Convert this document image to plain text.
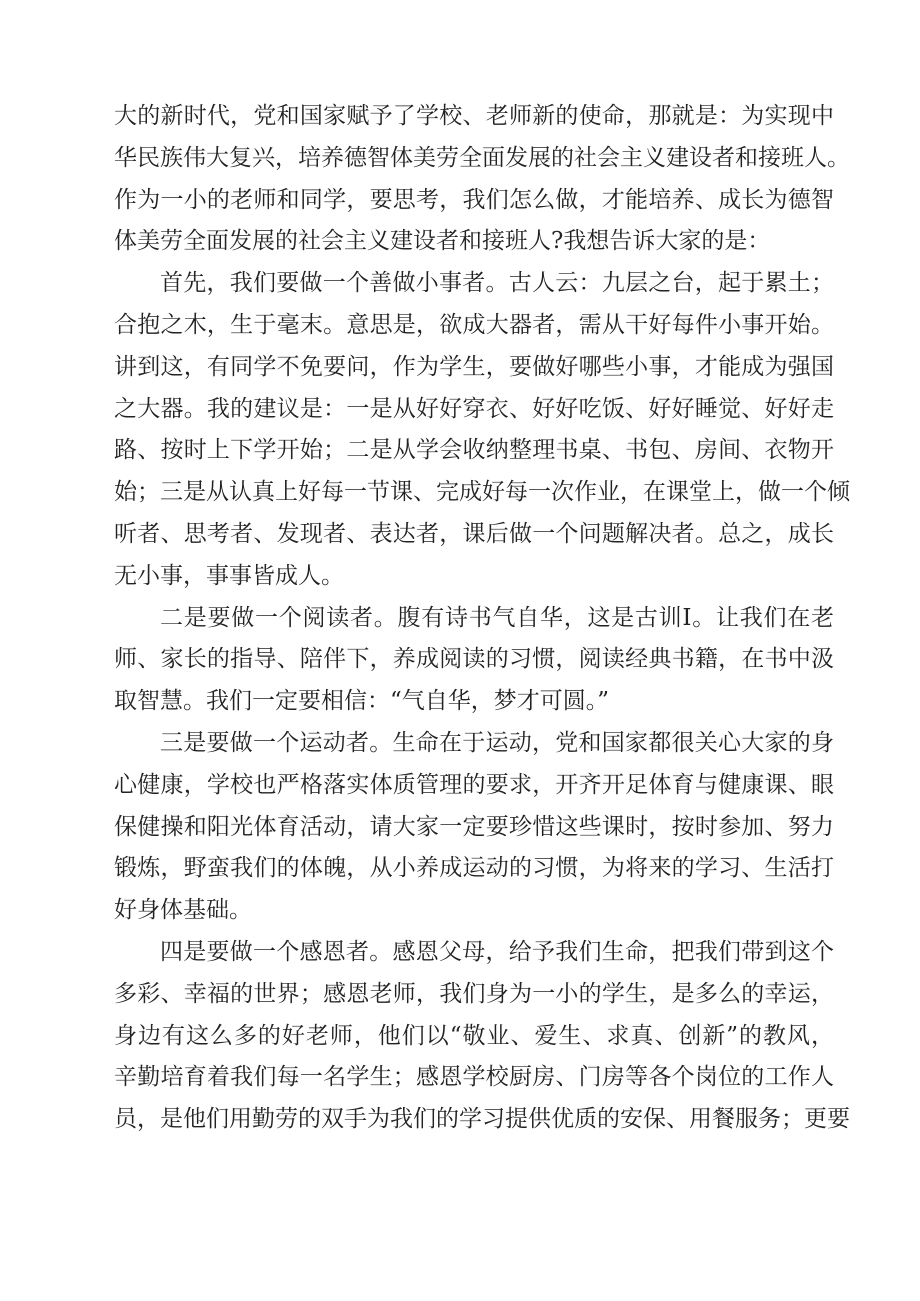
大的新时代，党和国家赋予了学校、老师新的使命，那就是：为实现中
华民族伟大复兴，培养德智体美劳全面发展的社会主义建设者和接班人。
作为一小的老师和同学，要思考，我们怎么做，才能培养、成长为德智
体美劳全面发展的社会主义建设者和接班人?我想告诉大家的是：
首先，我们要做一个善做小事者。古人云：九层之台，起于累土；
合抱之木，生于毫末。意思是，欲成大器者，需从干好每件小事开始。
讲到这，有同学不免要问，作为学生，要做好哪些小事，才能成为强国
之大器。我的建议是：一是从好好穿衣、好好吃饭、好好睡觉、好好走
路、按时上下学开始；二是从学会收纳整理书桌、书包、房间、衣物开
始；三是从认真上好每一节课、完成好每一次作业，在课堂上，做一个倾
听者、思考者、发现者、表达者，课后做一个问题解决者。总之，成长
无小事，事事皆成人。
二是要做一个阅读者。腹有诗书气自华，这是古训I。让我们在老
师、家长的指导、陪伴下，养成阅读的习惯，阅读经典书籍，在书中汲
取智慧。我们一定要相信：“气自华，梦才可圆。”
三是要做一个运动者。生命在于运动，党和国家都很关心大家的身
心健康，学校也严格落实体质管理的要求，开齐开足体育与健康课、眼
保健操和阳光体育活动，请大家一定要珍惜这些课时，按时参加、努力
锻炼，野蛮我们的体魄，从小养成运动的习惯，为将来的学习、生活打
好身体基础。
四是要做一个感恩者。感恩父母，给予我们生命，把我们带到这个
多彩、幸福的世界；感恩老师，我们身为一小的学生，是多么的幸运，
身边有这么多的好老师，他们以“敬业、爱生、求真、创新”的教风，
辛勤培育着我们每一名学生；感恩学校厨房、门房等各个岗位的工作人
员，是他们用勤劳的双手为我们的学习提供优质的安保、用餐服务；更要
